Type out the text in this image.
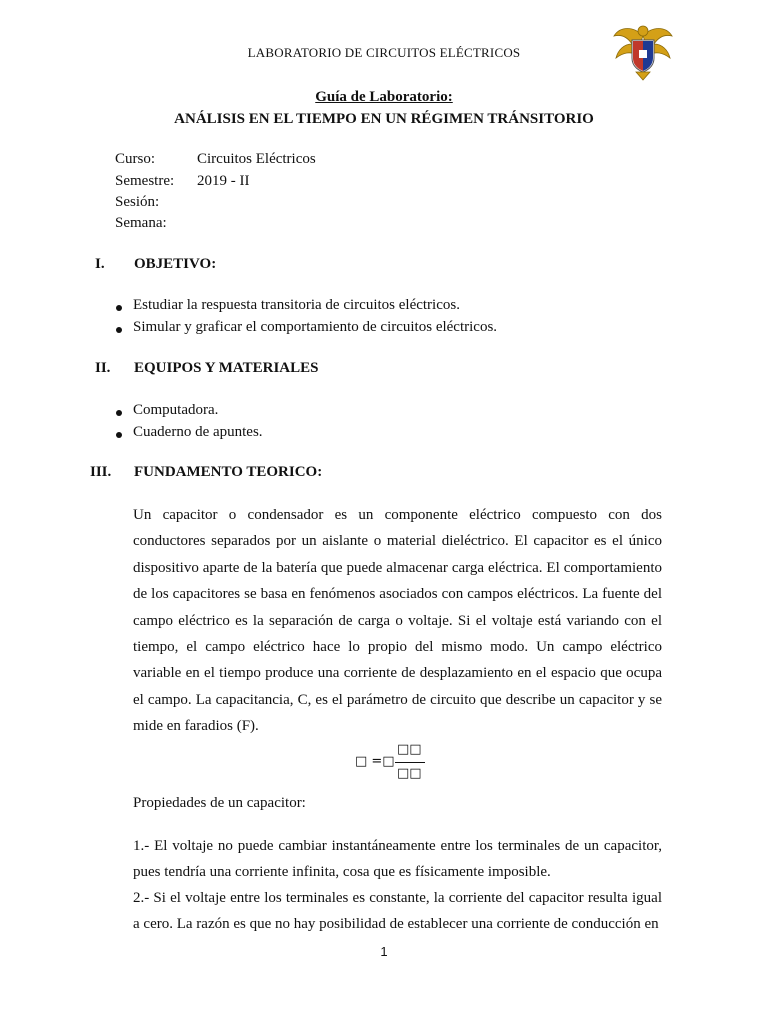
LABORATORIO DE CIRCUITOS ELÉCTRICOS

Guía de Laboratorio:

ANÁLISIS EN EL TIEMPO EN UN RÉGIMEN TRÁNSITORIO

Curso:	Circuitos Eléctricos
Semestre: 2019 - II
Sesión:
Semana:
I. OBJETIVO:
Estudiar la respuesta transitoria de circuitos eléctricos.
Simular y graficar el comportamiento de circuitos eléctricos.
II. EQUIPOS Y MATERIALES
Computadora.
Cuaderno de apuntes.
III. FUNDAMENTO TEORICO:

Un capacitor o condensador es un componente eléctrico compuesto con dos conductores separados por un aislante o material dieléctrico. El capacitor es el único dispositivo aparte de la batería que puede almacenar carga eléctrica. El comportamiento de los capacitores se basa en fenómenos asociados con campos eléctricos. La fuente del campo eléctrico es la separación de carga o voltaje. Si el voltaje está variando con el tiempo, el campo eléctrico hace lo propio del mismo modo. Un campo eléctrico variable en el tiempo produce una corriente de desplazamiento en el espacio que ocupa el campo. La capacitancia, C, es el parámetro de circuito que describe un capacitor y se mide en faradios (F).

□ =□
□□
□□

Propiedades de un capacitor:

1.- El voltaje no puede cambiar instantáneamente entre los terminales de un capacitor, pues tendría una corriente infinita, cosa que es físicamente imposible.

2.- Si el voltaje entre los terminales es constante, la corriente del capacitor resulta igual a cero. La razón es que no hay posibilidad de establecer una corriente de conducción en

1
